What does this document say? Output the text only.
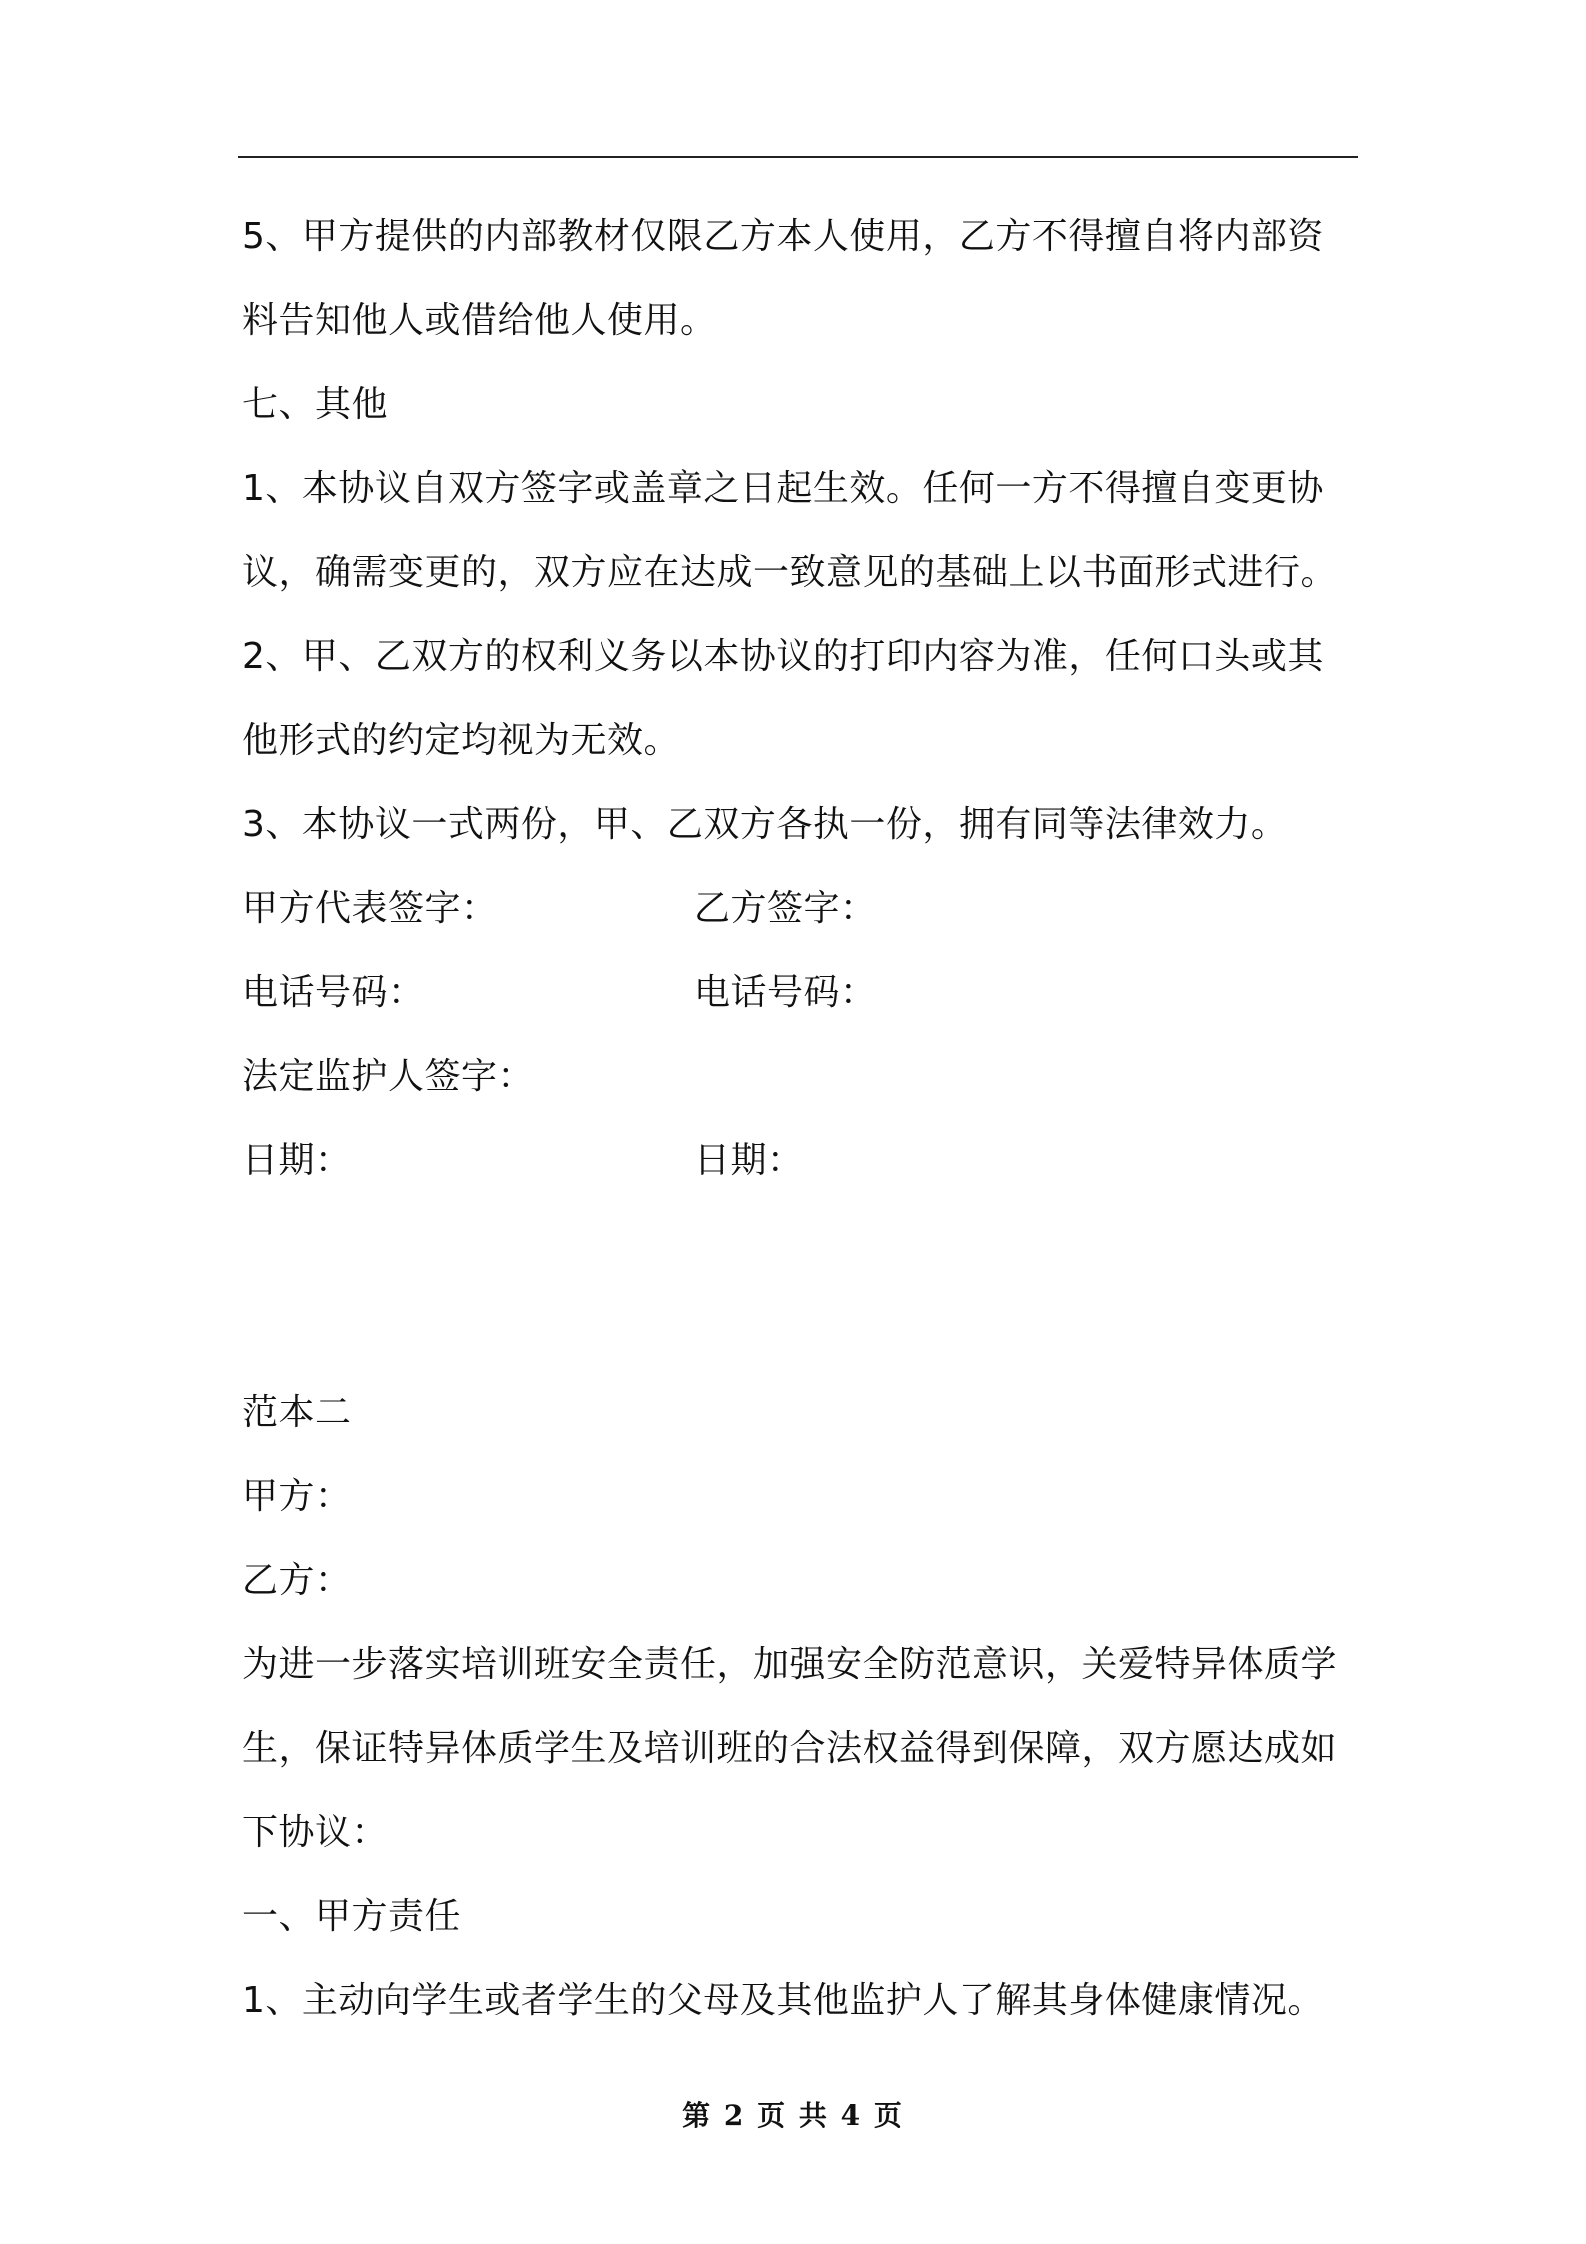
5、甲方提供的内部教材仅限乙方本人使用，乙方不得擅自将内部资
料告知他人或借给他人使用。
七、其他
1、本协议自双方签字或盖章之日起生效。任何一方不得擅自变更协
议，确需变更的，双方应在达成一致意见的基础上以书面形式进行。
2、甲、乙双方的权利义务以本协议的打印内容为准，任何口头或其
他形式的约定均视为无效。
3、本协议一式两份，甲、乙双方各执一份，拥有同等法律效力。
甲方代表签字：	乙方签字：
电话号码：	电话号码：
法定监护人签字：
日期：	日期：
范本二
甲方：
乙方：
为进一步落实培训班安全责任，加强安全防范意识，关爱特异体质学
生，保证特异体质学生及培训班的合法权益得到保障，双方愿达成如
下协议：
一、甲方责任
1、主动向学生或者学生的父母及其他监护人了解其身体健康情况。
第 2 页 共 4 页
